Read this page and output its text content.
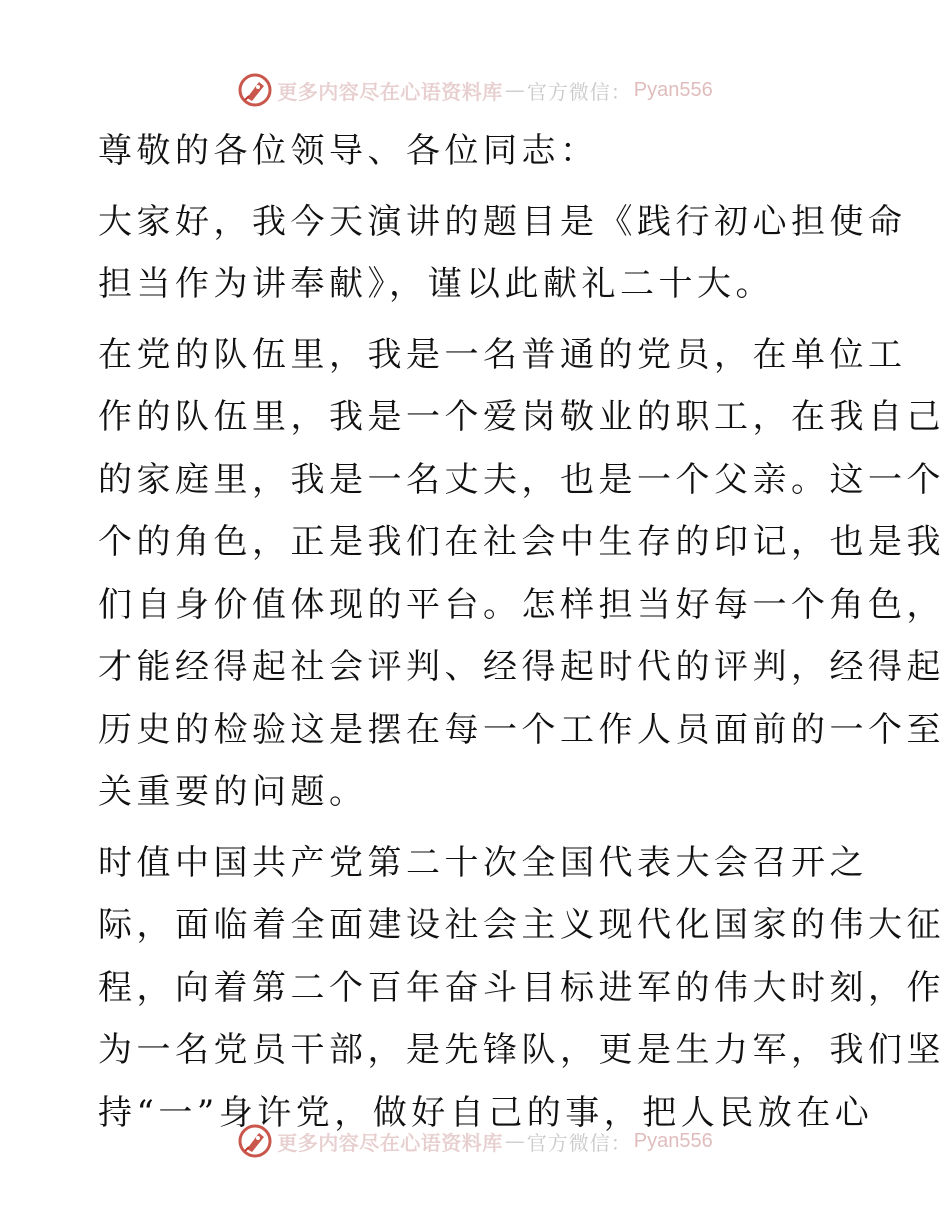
更多内容尽在心语资料库 — 官方微信： Pyan556

尊敬的各位领导、各位同志：

大家好，我今天演讲的题目是《践行初心担使命
担当作为讲奉献》，谨以此献礼二十大。

在党的队伍里，我是一名普通的党员，在单位工
作的队伍里，我是一个爱岗敬业的职工，在我自己
的家庭里，我是一名丈夫，也是一个父亲。这一个
个的角色，正是我们在社会中生存的印记，也是我
们自身价值体现的平台。怎样担当好每一个角色，
才能经得起社会评判、经得起时代的评判，经得起
历史的检验这是摆在每一个工作人员面前的一个至
关重要的问题。

时值中国共产党第二十次全国代表大会召开之
际，面临着全面建设社会主义现代化国家的伟大征
程，向着第二个百年奋斗目标进军的伟大时刻，作
为一名党员干部，是先锋队，更是生力军，我们坚
持“一”身许党，做好自己的事，把人民放在心

更多内容尽在心语资料库 — 官方微信： Pyan556
